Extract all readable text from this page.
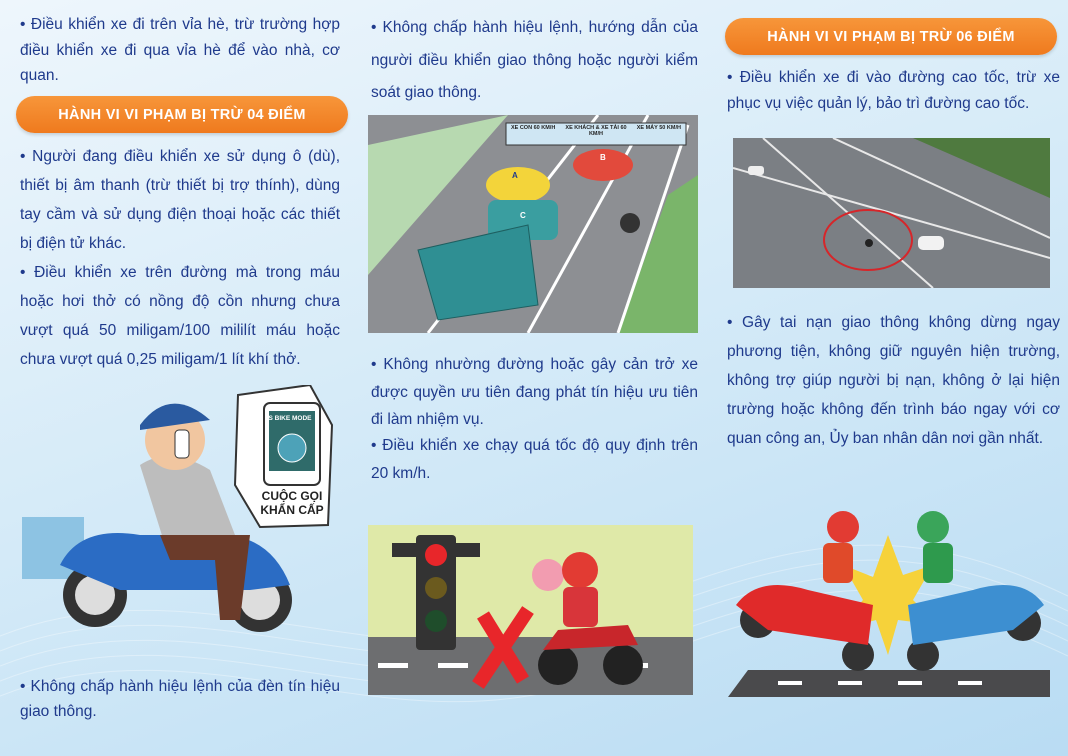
• Điều khiển xe đi trên vỉa hè, trừ trường hợp điều khiển xe đi qua vỉa hè để vào nhà, cơ quan.

HÀNH VI VI PHẠM BỊ TRỪ 04 ĐIỂM

• Người đang điều khiển xe sử dụng ô (dù), thiết bị âm thanh (trừ thiết bị trợ thính), dùng tay cầm và sử dụng điện thoại hoặc các thiết bị điện tử khác.

• Điều khiển xe trên đường mà trong máu hoặc hơi thở có nồng độ cồn nhưng chưa vượt quá 50 miligam/100 mililít máu hoặc chưa vượt quá 0,25 miligam/1 lít khí thở.

S BIKE MODE
CUỘC GỌI KHẨN CẤP

• Không chấp hành hiệu lệnh của đèn tín hiệu giao thông.

• Không chấp hành hiệu lệnh, hướng dẫn của người điều khiển giao thông hoặc người kiểm soát giao thông.

XE CON 60 KM/H	XE KHÁCH & XE TẢI 60 KM/H
XE MÁY 50 KM/H
A
B
C

• Không nhường đường hoặc gây cản trở xe được quyền ưu tiên đang phát tín hiệu ưu tiên đi làm nhiệm vụ.

• Điều khiển xe chạy quá tốc độ quy định trên 20 km/h.

HÀNH VI VI PHẠM BỊ TRỪ 06 ĐIỂM

• Điều khiển xe đi vào đường cao tốc, trừ xe phục vụ việc quản lý, bảo trì đường cao tốc.

• Gây tai nạn giao thông không dừng ngay phương tiện, không giữ nguyên hiện trường, không trợ giúp người bị nạn, không ở lại hiện trường hoặc không đến trình báo ngay với cơ quan công an, Ủy ban nhân dân nơi gần nhất.
